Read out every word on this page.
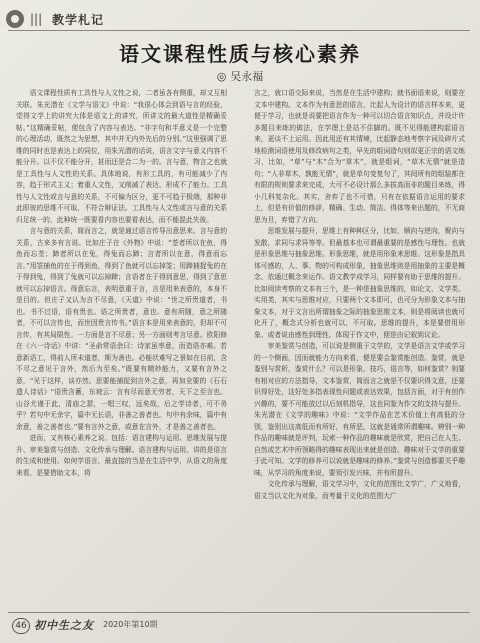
||| 教学札记
语文课程性质与核心素养
◎ 吴永福

语文课程性质有工具性与人文性之说，二者虽各有侧重，却又互相关联。朱光潜在《文学与语文》中说：“我很心体会到语与言的经验，觉得文学上的讲究大体是语文上的讲究，所讲文的最大道性是精确妥帖。”这精确妥帖，便包含了内容与表达。“非字句和半意义是一个完整的心理活动，既然之为思想，其中并无内外先后的分别。”这里强调了思维的同时也是表达上的同位，用朱光潜的话说，语言文字与意义内容不能分开。以不仅不能分开，甚而还是合二为一的。言与意，物言之也就是工具性与人文性的关系。具体地说，有形工具的，有可能减少了内容，趋于形式主义；着重人文性，又削减了表达，形成不了能力。工具性与人文性或言与意的关系，不可偏为区分，更不可趋于极端，那种非此即彼的思维不可取，不符合辩证法。工具性与人文性或言与意的关系归足统一的，此种统一既要看内容也要看表达，而不能混此失彼。

言与意的关系，简而言之，就是通过语言传导出意思来。言与意的关系，古来多有言说。比如庄子在《外物》中说：“荃者所以在鱼，得鱼而忘荃；蹄者所以在兔，得兔而忘蹄；言者所以在意，得意而忘言。”用筌捕鱼的在于得到鱼，得到了鱼就可以忘掉筌；用蹄捕捉兔的在于得到兔，得到了兔就可以忘掉蹄；言语者在于得到意思，得到了意思就可以忘掉语言。得意忘言，表明意重于言，言是用来表意的，本身不是目的。但庄子又认为言不尽意，《天道》中说：“世之所贵道者，书也。书不过语，语有贵也。语之所贵者，意也。意有所随，意之所随者，不可以言传也，而世因贵言传书。”语言本是用来表意的，但却不可言传，有其局限性。一方面是言不尽意；另一方面则考言尽意。欧阳修在《六一诗话》中讲：“圣俞常语余曰：诗家虽率意，而造语亦难。若意新语工，得前人所未道者，斯为善也。必能状难写之景如在目前，含不尽之意见于言外，然后为至矣。”既要有精妙能力，又要有言外之意，“见于这样，谈亦然。思要能捕捉到言外之意，再加全要的《石石遗人诗话》“语贵含蓄，东坡云：言有尽而意无穷者，天下之至言也。山谷尤谨于此，清庙之瑟，一唱三叹，远矣哉，后之学诗者，可不务乎？若句中无余字，篇中无长语，非善之善者也。句中有余味，篇中有余意，善之善者也。”要有言外之意，或意在言外，才是善之善者也。

进而，又有核心素养之说。包括：语言建构与运用、思维发展与提升、审美鉴赏与创造、文化传承与理解。语言建构与运用，讲的是语言的生成和使用。如何学语言，最直接的当是在生活中学，从语文的角度来看，是要借助文本，将

言之，就口语交际来说，当然是在生活中建构；就书面语来说，则要在文本中建构。文本作为有意思的语言，比起人为设计的语言样本来，更便于学习，也就是说要把语言作为一种可以切合语言知识点，并设计许多题目来练的做法，在学理上是站不住脚的。既不见得能建构起语言来，更谈不上运用。因此用还有其情境，比起静态地考察字词及碎片式地检测词语使用及修改病句之类，早先的组词造句则似更正宗的语文练习，比如，“草”与“木”合为“草木”，就是组词，“草木无情”就是造句；“人非草木，孰能无情”，就是单句变复句了，其间所有的组装都在有限的规则要求来完成，大可不必设计那么多拔高而非的题目来练，得小几科复杂化。其实，舍弃了也不可惜，只有在依据语言运用的要求上，但是有价值的修辞，精确、生动、简洁、得体等来出题的，不无商思为旦，弃错了方向。

思维发展与提升，思维上有种种区分，比如，顺向与逆向，聚向与发散，求同与求异等等。但最基本也可谓最重要的是感性与理性。也就是形象思维与抽象思维。形象思维，就是用形象来思维。这形象是指具体可感的，人、事、物的可构成形象，抽象思维则是用抽象的主要是概念、依通过概念来运作。语文教学成学习，同样要有助于思维的提升。比如阅读考察的文本有三个，是一种是抽象思维的，如论文、文学类、实用类，其实与思维对应，只要两个文本即可，也可分为形象文本与抽象文本，对于文言出所谓抽象之际的抽象思维文本，则是将阅读也就可化开了，概念式分析也就可以，不可取。思维的提升，本是要借用形象、或者说由感性到理性。体现于作文中，便是由记叙到议论。

审美鉴赏与创造，可以说是侧重于文学的，文学是语言文学或学习的一个侧面，因而就能力方向来看，便是要会鉴赏能创造。鉴赏，就是鉴别与赏析，鉴赏什么？可以是形象，技巧，语言等，如何鉴赏？则要有相对应的方法指导，文本鉴赏，简而言之就是不仅要识得文意，还要识得好处，这好处多指表现性问题或表达效果，包括方面，对于有创作兴趣的，要不可能放过以后刻机指导，这也同鉴为作文的支持与提升。朱光潜在《文学的趣味》中说：“文学作品在艺术价值上有高低的分别，鉴别出这高低而有所好，有所恶，这就是通常所谓趣味。辨别一种作品的趣味就是评判，玩索一种作品的趣味就是欣赏，把自己在人生、自然或艺术中所领略得的趣味表现出来就是创造。趣味对于文学的重要于此可知。文学的修养可以说就是趣味的修养。”鉴赏与创造都要关乎趣味，从学习的角度来说，要领引发兴味，并有所提升。

文化传承与理解，语文学习中，文化的范围比文学广，广义地看，语文当以文化为对象，而考量于文化的范围大广

46 初中生之友 2020年第10期
